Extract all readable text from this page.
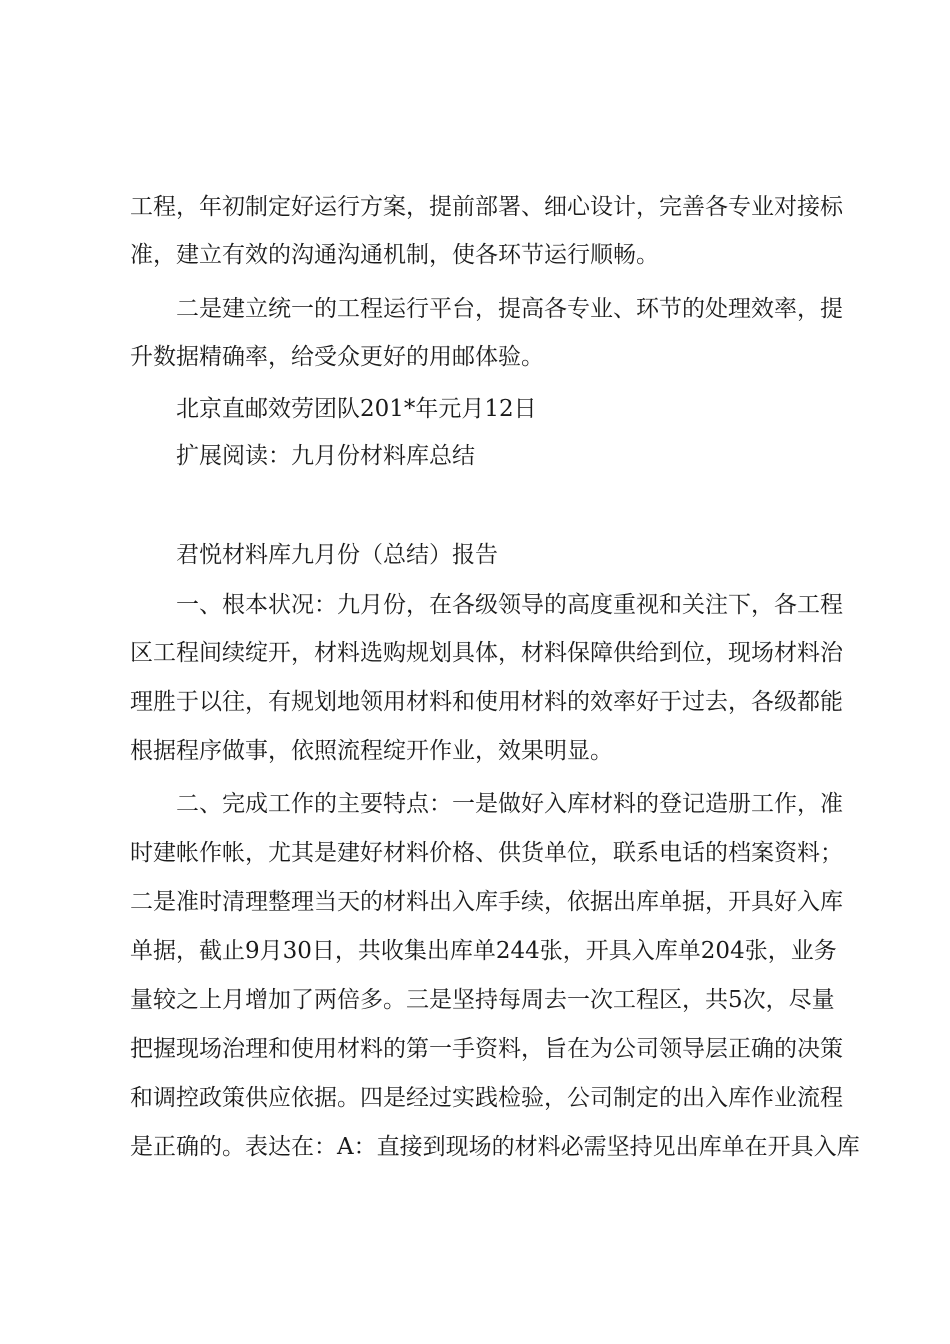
工程，年初制定好运行方案，提前部署、细心设计，完善各专业对接标
准，建立有效的沟通沟通机制，使各环节运行顺畅。
二是建立统一的工程运行平台，提高各专业、环节的处理效率，提
升数据精确率，给受众更好的用邮体验。
北京直邮效劳团队201*年元月12日
扩展阅读：九月份材料库总结
君悦材料库九月份（总结）报告
一、根本状况：九月份，在各级领导的高度重视和关注下，各工程
区工程间续绽开，材料选购规划具体，材料保障供给到位，现场材料治
理胜于以往，有规划地领用材料和使用材料的效率好于过去，各级都能
根据程序做事，依照流程绽开作业，效果明显。
二、完成工作的主要特点：一是做好入库材料的登记造册工作，准
时建帐作帐，尤其是建好材料价格、供货单位，联系电话的档案资料；
二是准时清理整理当天的材料出入库手续，依据出库单据，开具好入库
单据，截止9月30日，共收集出库单244张，开具入库单204张，业务
量较之上月增加了两倍多。三是坚持每周去一次工程区，共5次，尽量
把握现场治理和使用材料的第一手资料，旨在为公司领导层正确的决策
和调控政策供应依据。四是经过实践检验，公司制定的出入库作业流程
是正确的。表达在：A：直接到现场的材料必需坚持见出库单在开具入库
